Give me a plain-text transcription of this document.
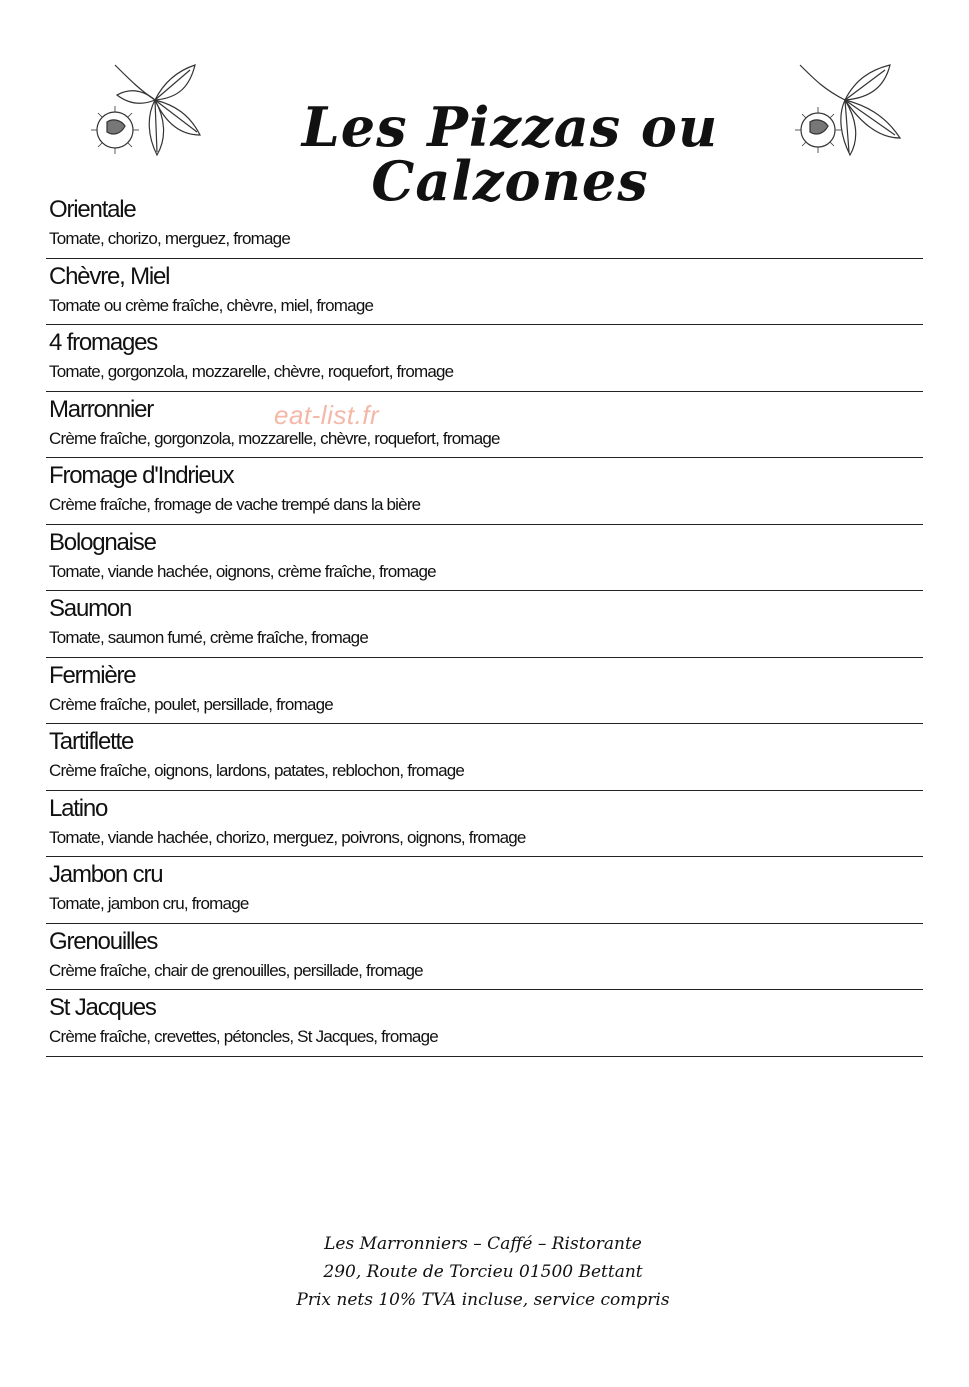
Les Pizzas ou Calzones
Orientale
Tomate, chorizo, merguez, fromage
Chèvre, Miel
Tomate ou crème fraîche, chèvre, miel, fromage
4 fromages
Tomate, gorgonzola, mozzarelle, chèvre, roquefort, fromage
Marronnier
Crème fraîche, gorgonzola, mozzarelle, chèvre, roquefort, fromage
Fromage d'Indrieux
Crème fraîche, fromage de vache trempé dans la bière
Bolognaise
Tomate, viande hachée, oignons, crème fraîche, fromage
Saumon
Tomate, saumon fumé, crème fraîche, fromage
Fermière
Crème fraîche, poulet, persillade, fromage
Tartiflette
Crème fraîche, oignons, lardons, patates, reblochon, fromage
Latino
Tomate, viande hachée, chorizo, merguez, poivrons, oignons, fromage
Jambon cru
Tomate, jambon cru, fromage
Grenouilles
Crème fraîche, chair de grenouilles, persillade, fromage
St Jacques
Crème fraîche, crevettes, pétoncles, St Jacques, fromage
eat-list.fr
Les Marronniers – Caffé – Ristorante
290, Route de Torcieu 01500 Bettant
Prix nets 10% TVA incluse, service compris
